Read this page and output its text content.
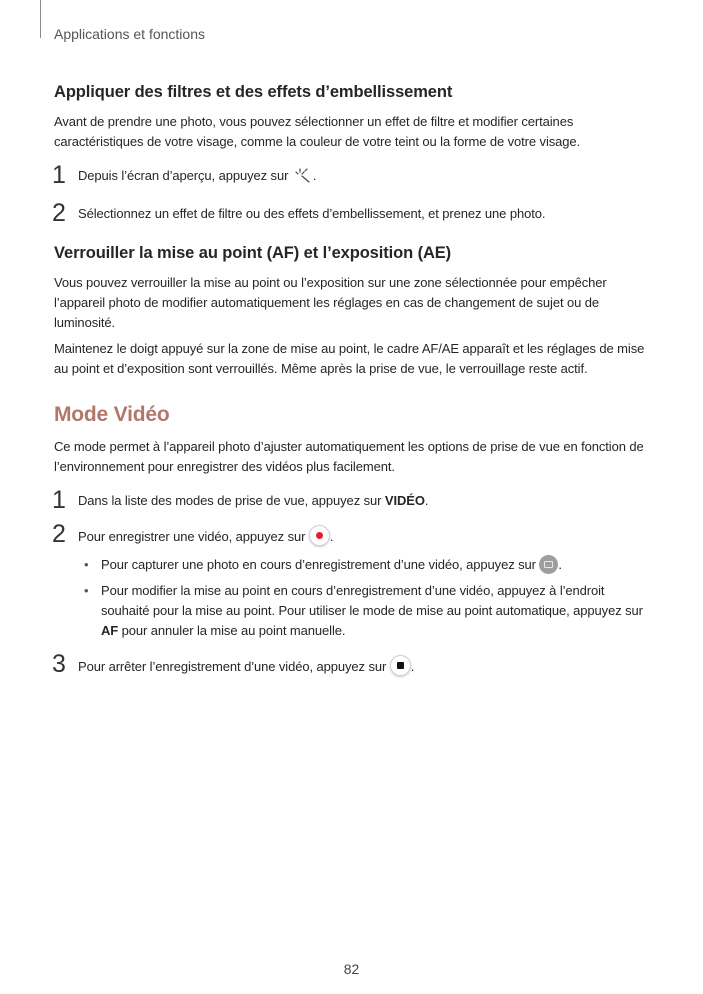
Applications et fonctions
Appliquer des filtres et des effets d’embellissement

Avant de prendre une photo, vous pouvez sélectionner un effet de filtre et modifier certaines caractéristiques de votre visage, comme la couleur de votre teint ou la forme de votre visage.

1 Depuis l’écran d’aperçu, appuyez sur .
2 Sélectionnez un effet de filtre ou des effets d’embellissement, et prenez une photo.
Verrouiller la mise au point (AF) et l’exposition (AE)

Vous pouvez verrouiller la mise au point ou l’exposition sur une zone sélectionnée pour empêcher l’appareil photo de modifier automatiquement les réglages en cas de changement de sujet ou de luminosité.

Maintenez le doigt appuyé sur la zone de mise au point, le cadre AF/AE apparaît et les réglages de mise au point et d’exposition sont verrouillés. Même après la prise de vue, le verrouillage reste actif.

Mode Vidéo

Ce mode permet à l’appareil photo d’ajuster automatiquement les options de prise de vue en fonction de l’environnement pour enregistrer des vidéos plus facilement.

1 Dans la liste des modes de prise de vue, appuyez sur VIDÉO.
2 Pour enregistrer une vidéo, appuyez sur .
• Pour capturer une photo en cours d’enregistrement d’une vidéo, appuyez sur .
• Pour modifier la mise au point en cours d’enregistrement d’une vidéo, appuyez à l’endroit souhaité pour la mise au point. Pour utiliser le mode de mise au point automatique, appuyez sur AF pour annuler la mise au point manuelle.
3 Pour arrêter l’enregistrement d’une vidéo, appuyez sur .
82
